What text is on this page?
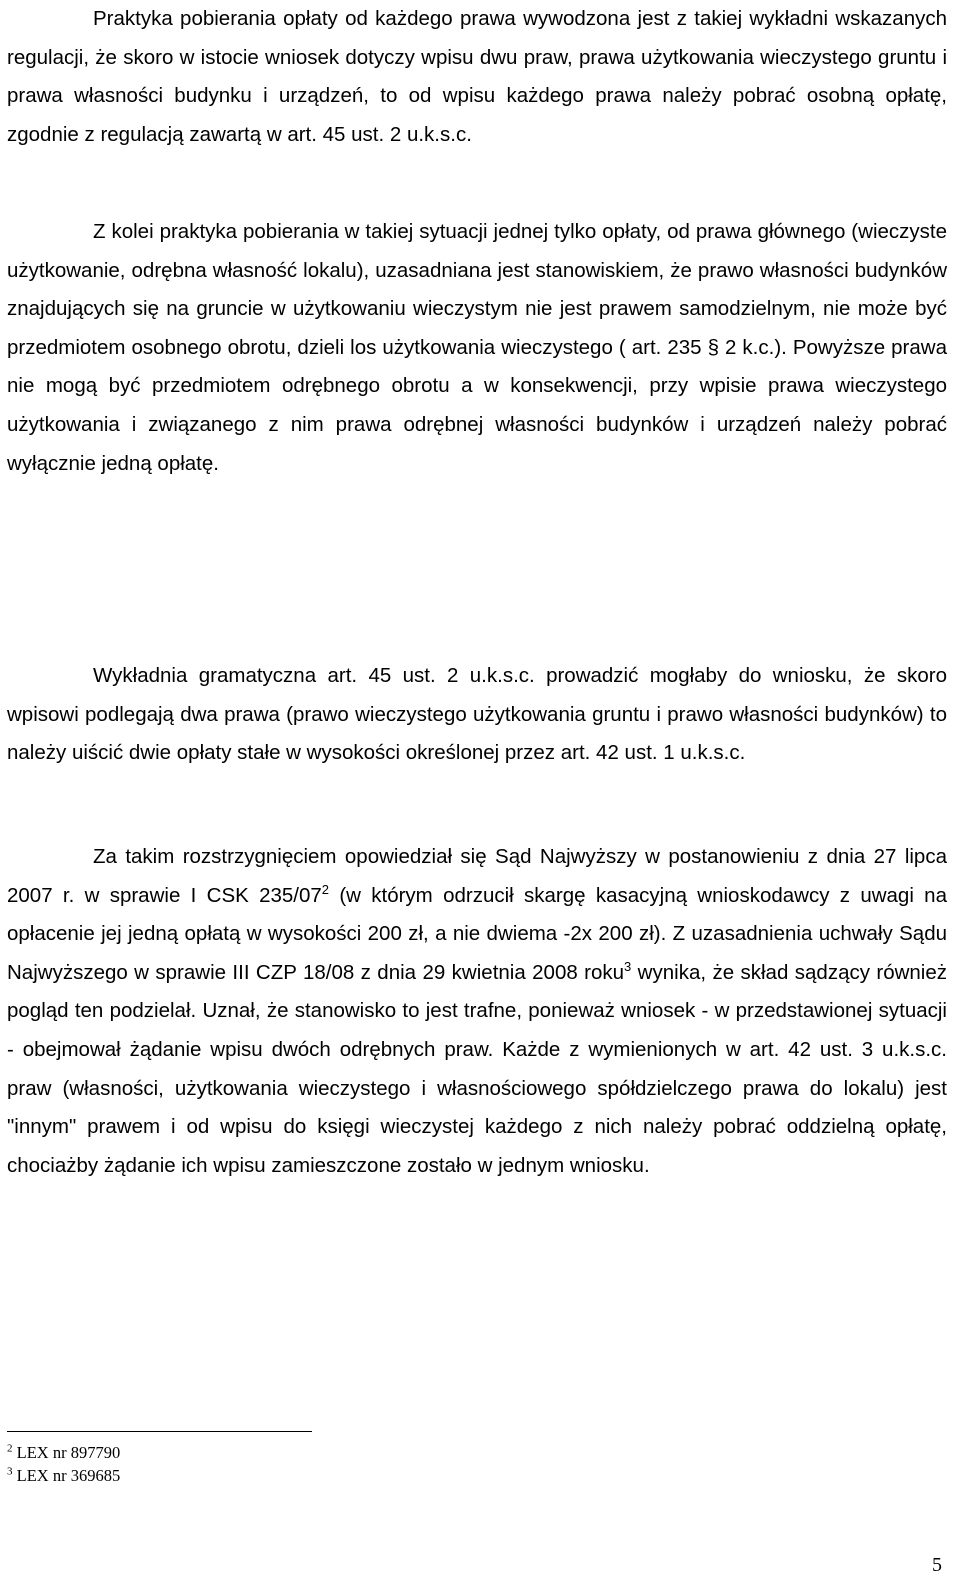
Praktyka pobierania opłaty od każdego prawa wywodzona jest z takiej wykładni wskazanych regulacji, że skoro w istocie wniosek dotyczy wpisu dwu praw, prawa użytkowania wieczystego gruntu i prawa własności budynku i urządzeń, to od wpisu każdego prawa należy pobrać osobną opłatę, zgodnie z regulacją zawartą w art. 45 ust. 2 u.k.s.c.

Z kolei praktyka pobierania w takiej sytuacji jednej tylko opłaty, od prawa głównego (wieczyste użytkowanie, odrębna własność lokalu), uzasadniana jest stanowiskiem, że prawo własności budynków znajdujących się na gruncie w użytkowaniu wieczystym nie jest prawem samodzielnym, nie może być przedmiotem osobnego obrotu, dzieli los użytkowania wieczystego ( art. 235 § 2 k.c.). Powyższe prawa nie mogą być przedmiotem odrębnego obrotu a w konsekwencji, przy wpisie prawa wieczystego użytkowania i związanego z nim prawa odrębnej własności budynków i urządzeń należy pobrać wyłącznie jedną opłatę.

Wykładnia gramatyczna art. 45 ust. 2 u.k.s.c. prowadzić mogłaby do wniosku, że skoro wpisowi podlegają dwa prawa (prawo wieczystego użytkowania gruntu i prawo własności budynków) to należy uiścić dwie opłaty stałe w wysokości określonej przez art. 42 ust. 1 u.k.s.c.

Za takim rozstrzygnięciem opowiedział się Sąd Najwyższy w postanowieniu z dnia 27 lipca 2007 r. w sprawie I CSK $235/07^2$ (w którym odrzucił skargę kasacyjną wnioskodawcy z uwagi na opłacenie jej jedną opłatą w wysokości 200 zł, a nie dwiema -2x 200 zł). Z uzasadnienia uchwały Sądu Najwyższego w sprawie III CZP 18/08 z dnia 29 kwietnia 2008 roku$^3$ wynika, że skład sądzący również pogląd ten podzielał. Uznał, że stanowisko to jest trafne, ponieważ wniosek - w przedstawionej sytuacji - obejmował żądanie wpisu dwóch odrębnych praw. Każde z wymienionych w art. 42 ust. 3 u.k.s.c. praw (własności, użytkowania wieczystego i własnościowego spółdzielczego prawa do lokalu) jest "innym" prawem i od wpisu do księgi wieczystej każdego z nich należy pobrać oddzielną opłatę, chociażby żądanie ich wpisu zamieszczone zostało w jednym wniosku.

$^2$ LEX nr 897790
$^3$ LEX nr 369685
5
